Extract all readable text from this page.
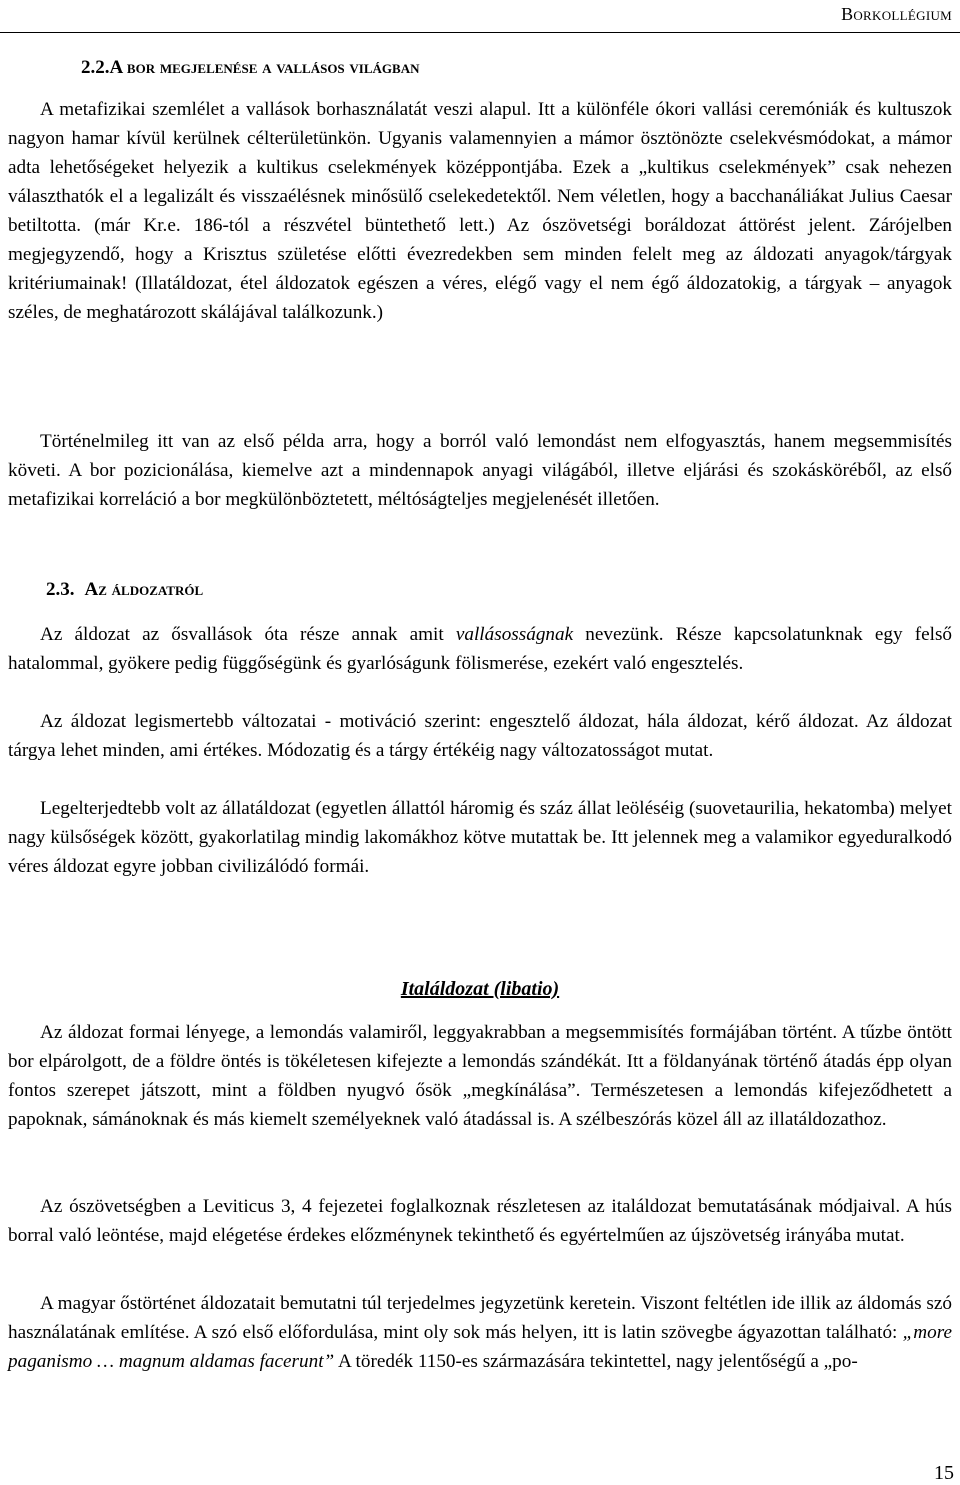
Borkollégium
2.2.A bor megjelenése a vallásos világban

A metafizikai szemlélet a vallások borhasználatát veszi alapul. Itt a különféle ókori vallási ceremóniák és kultuszok nagyon hamar kívül kerülnek célterületünkön. Ugyanis valamennyien a mámor ösztönözte cselekvésmódokat, a mámor adta lehetőségeket helyezik a kultikus cselekmények középpontjába. Ezek a „kultikus cselekmények” csak nehezen választhatók el a legalizált és visszaélésnek minősülő cselekedetektől. Nem véletlen, hogy a bacchanáliákat Julius Caesar betiltotta. (már Kr.e. 186-tól a részvétel büntethető lett.) Az ószövetségi boráldozat áttörést jelent. Zárójelben megjegyzendő, hogy a Krisztus születése előtti évezredekben sem minden felelt meg az áldozati anyagok/tárgyak kritériumainak! (Illatáldozat, étel áldozatok egészen a véres, elégő vagy el nem égő áldozatokig, a tárgyak – anyagok széles, de meghatározott skálájával találkozunk.)

Történelmileg itt van az első példa arra, hogy a borról való lemondást nem elfogyasztás, hanem megsemmisítés követi. A bor pozicionálása, kiemelve azt a mindennapok anyagi világából, illetve eljárási és szokásköréből, az első metafizikai korreláció a bor megkülönböztetett, méltóságteljes megjelenését illetően.

2.3. Az áldozatról

Az áldozat az ősvallások óta része annak amit vallásosságnak nevezünk. Része kapcsolatunknak egy felső hatalommal, gyökere pedig függőségünk és gyarlóságunk fölismerése, ezekért való engesztelés.

Az áldozat legismertebb változatai - motiváció szerint: engesztelő áldozat, hála áldozat, kérő áldozat. Az áldozat tárgya lehet minden, ami értékes. Módozatig és a tárgy értékéig nagy változatosságot mutat.

Legelterjedtebb volt az állatáldozat (egyetlen állattól háromig és száz állat leöléséig (suovetaurilia, hekatomba) melyet nagy külsőségek között, gyakorlatilag mindig lakomákhoz kötve mutattak be. Itt jelennek meg a valamikor egyeduralkodó véres áldozat egyre jobban civilizálódó formái.

Italáldozat (libatio)

Az áldozat formai lényege, a lemondás valamiről, leggyakrabban a megsemmisítés formájában történt. A tűzbe öntött bor elpárolgott, de a földre öntés is tökéletesen kifejezte a lemondás szándékát. Itt a földanyának történő átadás épp olyan fontos szerepet játszott, mint a földben nyugvó ősök „megkínálása”. Természetesen a lemondás kifejeződhetett a papoknak, sámánoknak és más kiemelt személyeknek való átadással is. A szélbeszórás közel áll az illatáldozathoz.

Az ószövetségben a Leviticus 3, 4 fejezetei foglalkoznak részletesen az italáldozat bemutatásának módjaival. A hús borral való leöntése, majd elégetése érdekes előzménynek tekinthető és egyértelműen az újszövetség irányába mutat.

A magyar őstörténet áldozatait bemutatni túl terjedelmes jegyzetünk keretein. Viszont feltétlen ide illik az áldomás szó használatának említése. A szó első előfordulása, mint oly sok más helyen, itt is latin szövegbe ágyazottan található: „more paganismo … magnum aldamas facerunt” A töredék 1150-es származására tekintettel, nagy jelentőségű a „po-

15
